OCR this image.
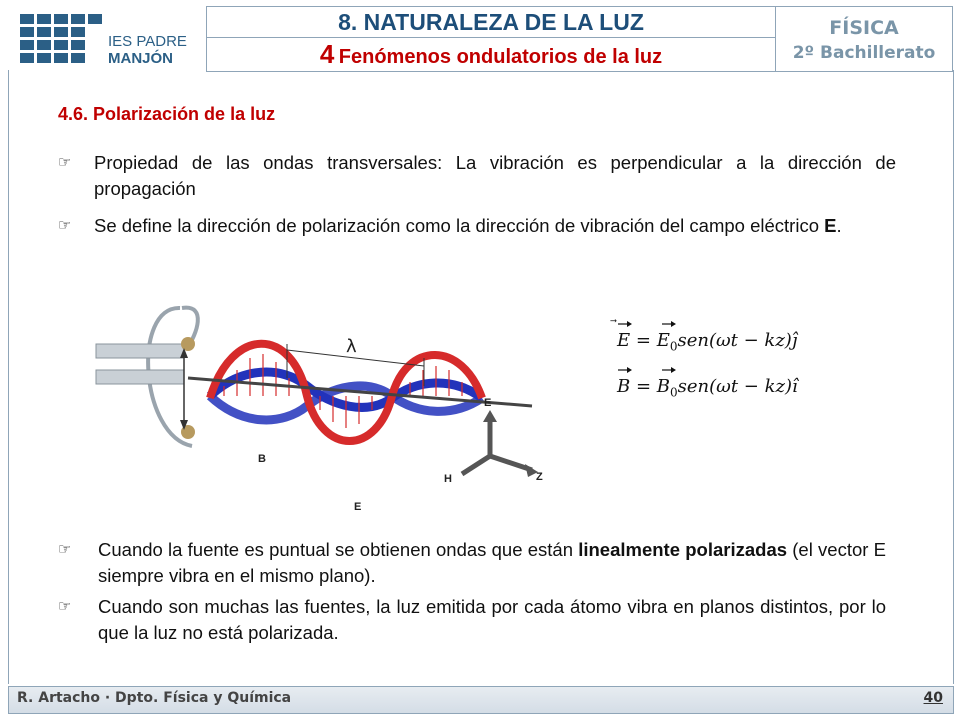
IES PADRE
MANJÓN
8. NATURALEZA DE LA LUZ
4 Fenómenos ondulatorios de la luz
FÍSICA
2º Bachillerato
4.6. Polarización de la luz
☞	Propiedad de las ondas transversales: La vibración es perpendicular a la dirección de propagación
☞	Se define la dirección de polarización como la dirección de vibración del campo eléctrico E.
λ
E
Z
H
B
E
$E = E_0sen(\omega t$ − kz)ĵ
$B = B_0sen(\omega t$ − kz)î
☞	Cuando la fuente es puntual se obtienen ondas que están linealmente polarizadas (el vector E siempre vibra en el mismo plano).
☞	Cuando son muchas las fuentes, la luz emitida por cada átomo vibra en planos distintos, por lo que la luz no está polarizada.
R. Artacho · Dpto. Física y Química	40
